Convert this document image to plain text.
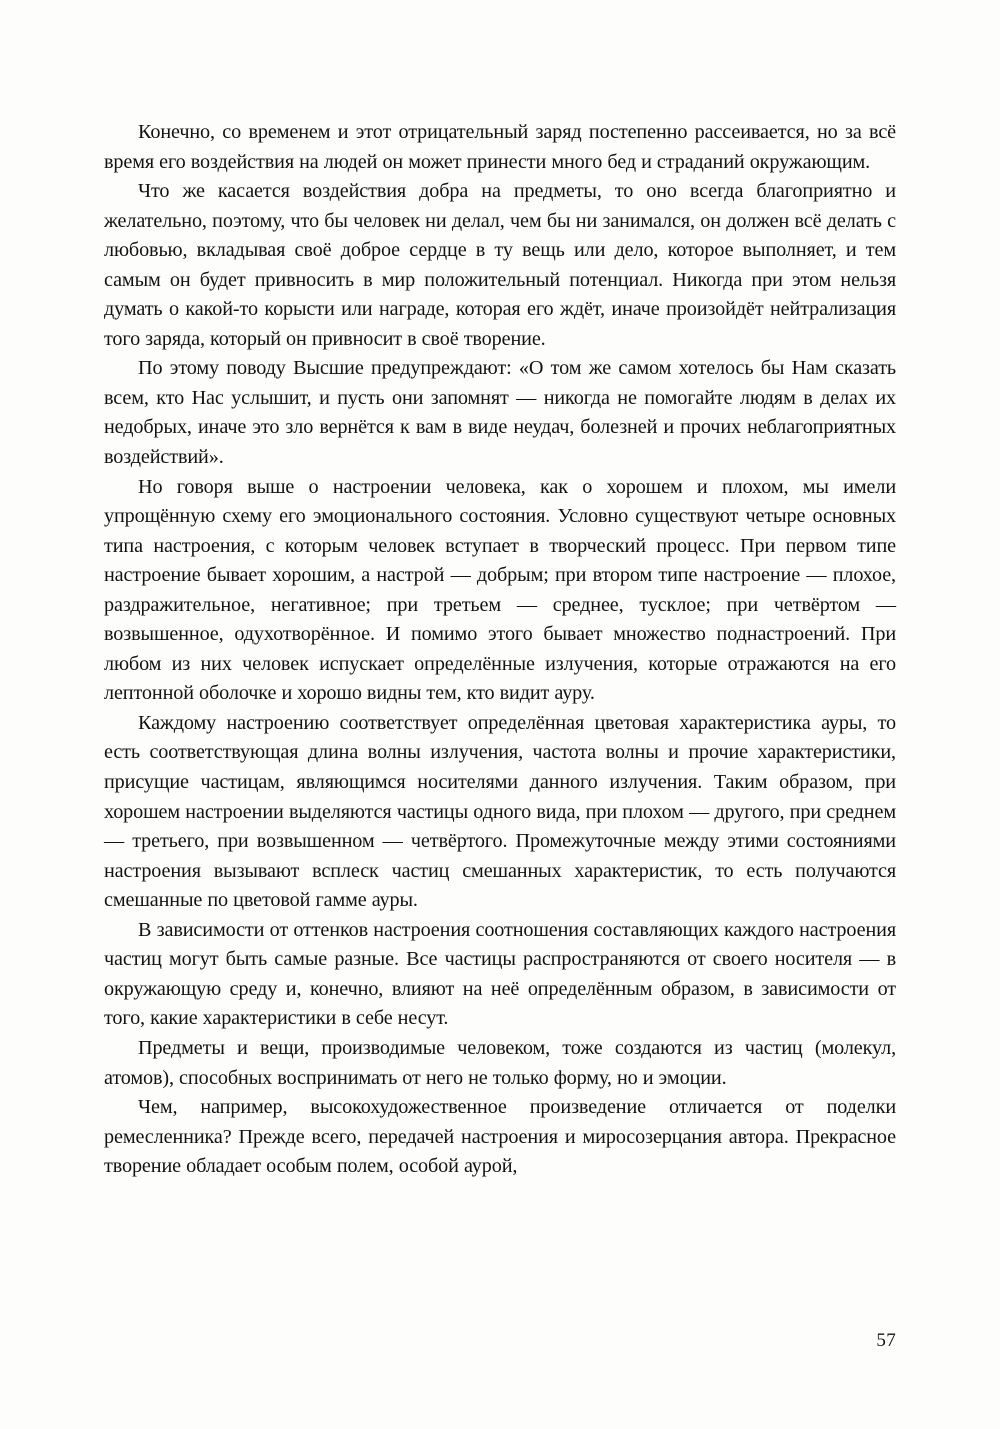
Конечно, со временем и этот отрицательный заряд постепенно рассеивается, но за всё время его воздействия на людей он может принести много бед и страданий окружающим.

Что же касается воздействия добра на предметы, то оно всегда благоприятно и желательно, поэтому, что бы человек ни делал, чем бы ни занимался, он должен всё делать с любовью, вкладывая своё доброе сердце в ту вещь или дело, которое выполняет, и тем самым он будет привносить в мир положительный потенциал. Никогда при этом нельзя думать о какой-то корысти или награде, которая его ждёт, иначе произойдёт нейтрализация того заряда, который он привносит в своё творение.

По этому поводу Высшие предупреждают: «О том же самом хотелось бы Нам сказать всем, кто Нас услышит, и пусть они запомнят — никогда не помогайте людям в делах их недобрых, иначе это зло вернётся к вам в виде неудач, болезней и прочих неблагоприятных воздействий».

Но говоря выше о настроении человека, как о хорошем и плохом, мы имели упрощённую схему его эмоционального состояния. Условно существуют четыре основных типа настроения, с которым человек вступает в творческий процесс. При первом типе настроение бывает хорошим, а настрой — добрым; при втором типе настроение — плохое, раздражительное, негативное; при третьем — среднее, тусклое; при четвёртом — возвышенное, одухотворённое. И помимо этого бывает множество поднастроений. При любом из них человек испускает определённые излучения, которые отражаются на его лептонной оболочке и хорошо видны тем, кто видит ауру.

Каждому настроению соответствует определённая цветовая характеристика ауры, то есть соответствующая длина волны излучения, частота волны и прочие характеристики, присущие частицам, являющимся носителями данного излучения. Таким образом, при хорошем настроении выделяются частицы одного вида, при плохом — другого, при среднем — третьего, при возвышенном — четвёртого. Промежуточные между этими состояниями настроения вызывают всплеск частиц смешанных характеристик, то есть получаются смешанные по цветовой гамме ауры.

В зависимости от оттенков настроения соотношения составляющих каждого настроения частиц могут быть самые разные. Все частицы распространяются от своего носителя — в окружающую среду и, конечно, влияют на неё определённым образом, в зависимости от того, какие характеристики в себе несут.

Предметы и вещи, производимые человеком, тоже создаются из частиц (молекул, атомов), способных воспринимать от него не только форму, но и эмоции.

Чем, например, высокохудожественное произведение отличается от поделки ремесленника? Прежде всего, передачей настроения и миросозерцания автора. Прекрасное творение обладает особым полем, особой аурой,

57
